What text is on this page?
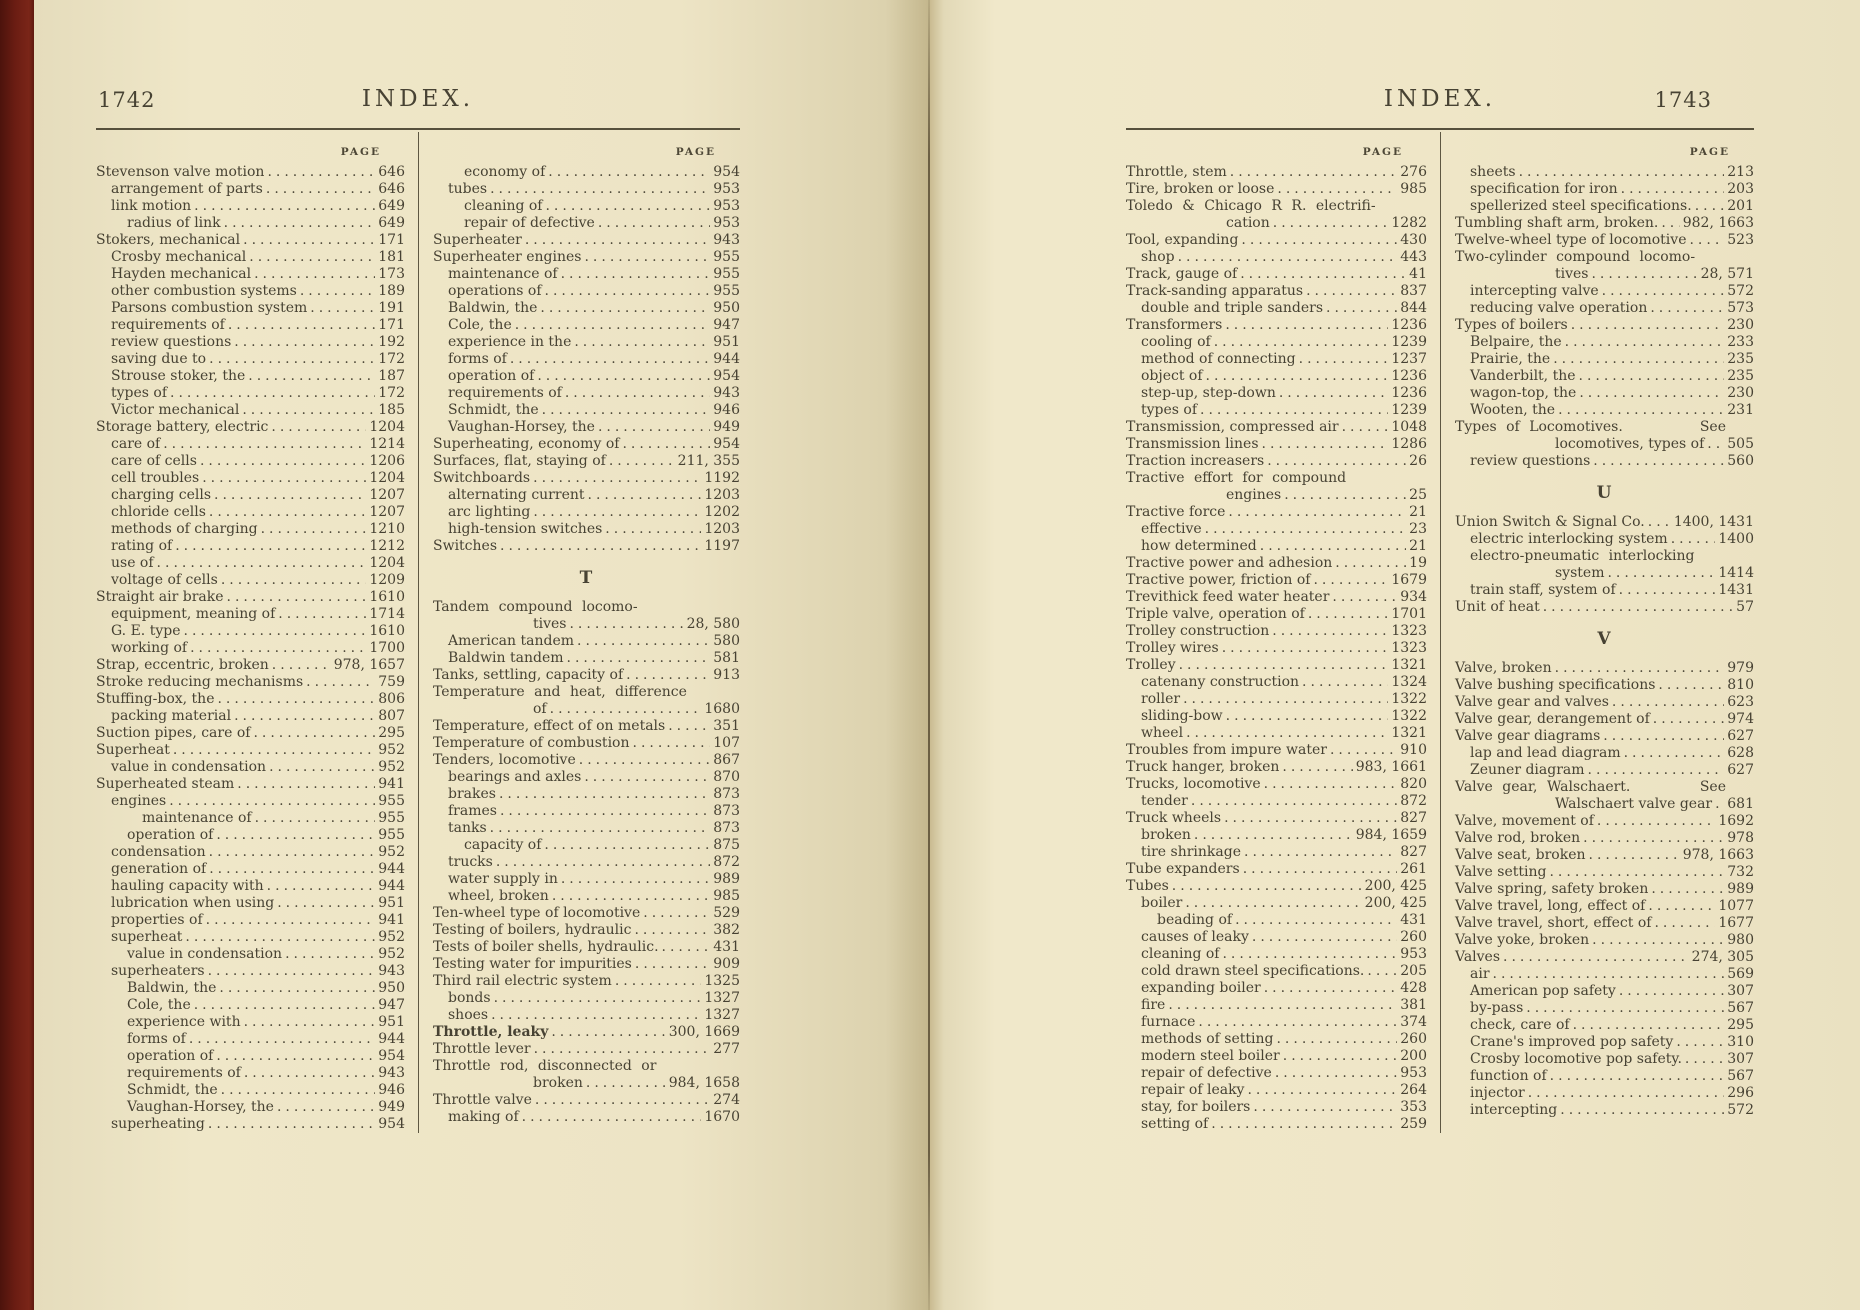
1742	INDEX.
PAGE
Stevenson valve motion .....	646
arrangement of parts .....	646
link motion .....	649
radius of link .....	649
Stokers, mechanical .....	171
Crosby mechanical .....	181
Hayden mechanical .....	173
other combustion systems .....	189
Parsons combustion system .....	191
requirements of .....	171
review questions .....	192
saving due to .....	172
Strouse stoker, the .....	187
types of .....	172
Victor mechanical .....	185
Storage battery, electric .....	1204
care of .....	1214
care of cells .....	1206
cell troubles .....	1204
charging cells .....	1207
chloride cells .....	1207
methods of charging .....	1210
rating of .....	1212
use of .....	1204
voltage of cells .....	1209
Straight air brake .....	1610
equipment, meaning of .....	1714
G. E. type .....	1610
working of .....	1700
Strap, eccentric, broken .....	978, 1657
Stroke reducing mechanisms .....	759
Stuffing-box, the .....	806
packing material .....	807
Suction pipes, care of .....	295
Superheat .....	952
value in condensation .....	952
Superheated steam .....	941
engines .....	955
maintenance of .....	955
operation of .....	955
condensation .....	952
generation of .....	944
hauling capacity with .....	944
lubrication when using .....	951
properties of .....	941
superheat .....	952
value in condensation .....	952
superheaters .....	943
Baldwin, the .....	950
Cole, the .....	947
experience with .....	951
forms of .....	944
operation of .....	954
requirements of .....	943
Schmidt, the .....	946
Vaughan-Horsey, the .....	949
superheating .....	954
PAGE
economy of .....	954
tubes .....	953
cleaning of .....	953
repair of defective .....	953
Superheater .....	943
Superheater engines .....	955
maintenance of .....	955
operations of .....	955
Baldwin, the .....	950
Cole, the .....	947
experience in the .....	951
forms of .....	944
operation of .....	954
requirements of .....	943
Schmidt, the .....	946
Vaughan-Horsey, the .....	949
Superheating, economy of .....	954
Surfaces, flat, staying of .....	211, 355
Switchboards .....	1192
alternating current .....	1203
arc lighting .....	1202
high-tension switches .....	1203
Switches .....	1197
T
Tandem compound locomo-
tives .....	28, 580
American tandem .....	580
Baldwin tandem .....	581
Tanks, settling, capacity of .....	913
Temperature and heat, difference
of .....	1680
Temperature, effect of on metals .....	351
Temperature of combustion .....	107
Tenders, locomotive .....	867
bearings and axles .....	870
brakes .....	873
frames .....	873
tanks .....	873
capacity of .....	875
trucks .....	872
water supply in .....	989
wheel, broken .....	985
Ten-wheel type of locomotive .....	529
Testing of boilers, hydraulic .....	382
Tests of boiler shells, hydraulic. .....	431
Testing water for impurities .....	909
Third rail electric system .....	1325
bonds .....	1327
shoes .....	1327
Throttle, leaky .....	300, 1669
Throttle lever .....	277
Throttle rod, disconnected or
broken .....	984, 1658
Throttle valve .....	274
making of .....	1670
INDEX.	1743
PAGE
Throttle, stem .....	276
Tire, broken or loose .....	985
Toledo & Chicago R R. electrifi-
cation .....	1282
Tool, expanding .....	430
shop .....	443
Track, gauge of .....	41
Track-sanding apparatus .....	837
double and triple sanders .....	844
Transformers .....	1236
cooling of .....	1239
method of connecting .....	1237
object of .....	1236
step-up, step-down .....	1236
types of .....	1239
Transmission, compressed air .....	1048
Transmission lines .....	1286
Traction increasers .....	26
Tractive effort for compound
engines .....	25
Tractive force .....	21
effective .....	23
how determined .....	21
Tractive power and adhesion .....	19
Tractive power, friction of .....	1679
Trevithick feed water heater .....	934
Triple valve, operation of .....	1701
Trolley construction .....	1323
Trolley wires .....	1323
Trolley .....	1321
catenany construction .....	1324
roller .....	1322
sliding-bow .....	1322
wheel .....	1321
Troubles from impure water .....	910
Truck hanger, broken .....	983, 1661
Trucks, locomotive .....	820
tender .....	872
Truck wheels .....	827
broken .....	984, 1659
tire shrinkage .....	827
Tube expanders .....	261
Tubes .....	200, 425
boiler .....	200, 425
beading of .....	431
causes of leaky .....	260
cleaning of .....	953
cold drawn steel specifications. .....	205
expanding boiler .....	428
fire .....	381
furnace .....	374
methods of setting .....	260
modern steel boiler .....	200
repair of defective .....	953
repair of leaky .....	264
stay, for boilers .....	353
setting of .....	259
PAGE
sheets .....	213
specification for iron .....	203
spellerized steel specifications. .....	201
Tumbling shaft arm, broken. ..... 982, 1663
Twelve-wheel type of locomotive .....	523
Two-cylinder compound locomo-
tives .....	28, 571
intercepting valve .....	572
reducing valve operation .....	573
Types of boilers .....	230
Belpaire, the .....	233
Prairie, the .....	235
Vanderbilt, the .....	235
wagon-top, the .....	230
Wooten, the .....	231
Types of Locomotives.	See
locomotives, types of ..... 505
review questions .....	560
U
Union Switch & Signal Co. ..... 1400, 1431
electric interlocking system .....	1400
electro-pneumatic interlocking
system .....	1414
train staff, system of .....	1431
Unit of heat .....	57
V
Valve, broken .....	979
Valve bushing specifications .....	810
Valve gear and valves .....	623
Valve gear, derangement of .....	974
Valve gear diagrams .....	627
lap and lead diagram .....	628
Zeuner diagram .....	627
Valve gear, Walschaert.	See
Walschaert valve gear ..... 681
Valve, movement of .....	1692
Valve rod, broken .....	978
Valve seat, broken .....	978, 1663
Valve setting .....	732
Valve spring, safety broken .....	989
Valve travel, long, effect of .....	1077
Valve travel, short, effect of .....	1677
Valve yoke, broken .....	980
Valves .....	274, 305
air .....	569
American pop safety .....	307
by-pass .....	567
check, care of .....	295
Crane's improved pop safety .....	310
Crosby locomotive pop safety. .....	307
function of .....	567
injector .....	296
intercepting .....	572
